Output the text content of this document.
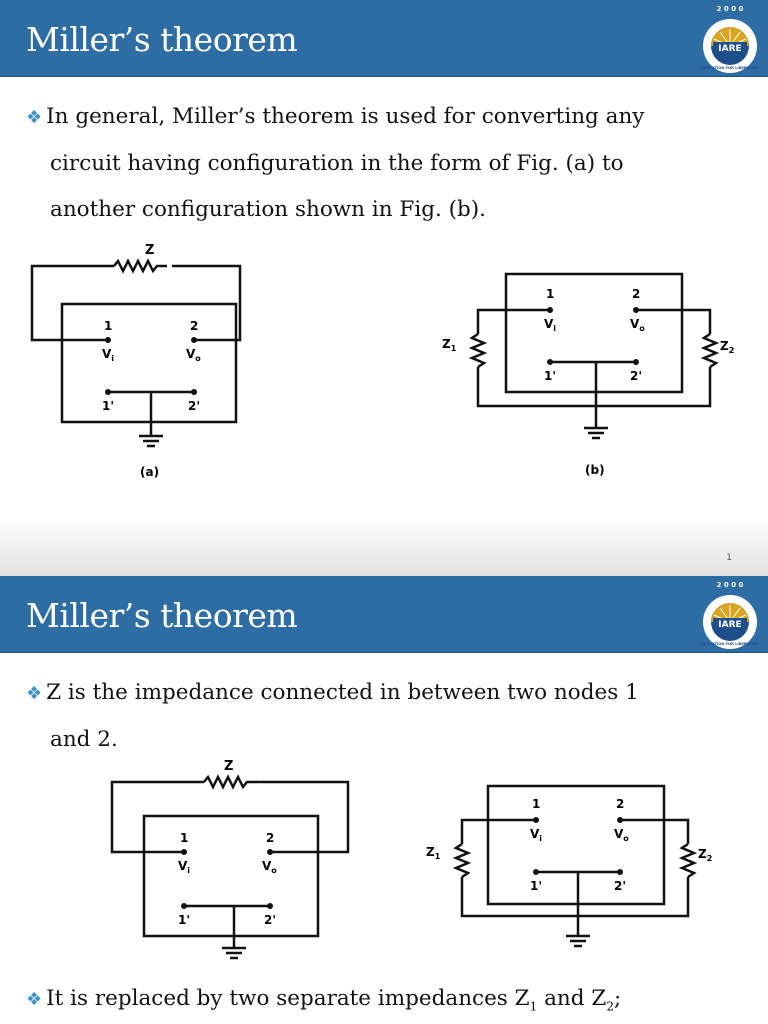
Miller’s theorem
2 0 0 0
IARE
EDUCATION FOR LIBERATION
❖ In general, Miller’s theorem is used for converting any
circuit having configuration in the form of Fig. (a) to
another configuration shown in Fig. (b).
Z
1	2
$V_i$	$V_o$
1'	2'
(a)
$Z_1$	$Z_2$
1	2
$V_i$	$V_o$
1'	2'
(b)
1
Miller’s theorem
2 0 0 0
IARE
EDUCATION FOR LIBERATION
❖ Z is the impedance connected in between two nodes 1
and 2.
Z
1	2
$V_i$	$V_o$
1'	2'
$Z_1$	$Z_2$
1	2
$V_i$	$V_o$
1'	2'
❖ It is replaced by two separate impedances $Z_1$ and $Z_2$;
